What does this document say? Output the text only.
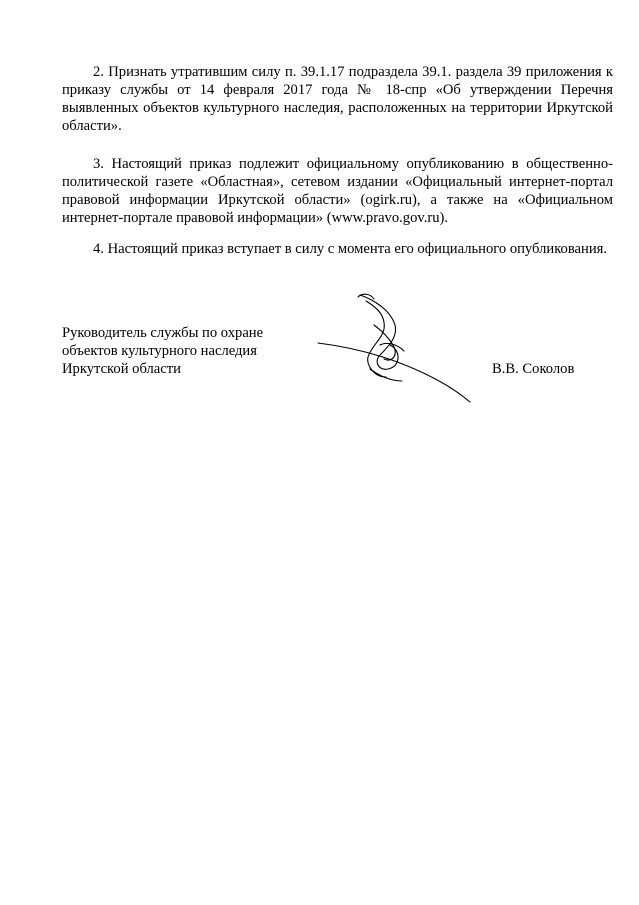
2. Признать утратившим силу п. 39.1.17 подраздела 39.1. раздела 39 приложения к приказу службы от 14 февраля 2017 года № 18-спр «Об утверждении Перечня выявленных объектов культурного наследия, расположенных на территории Иркутской области».

3. Настоящий приказ подлежит официальному опубликованию в общественно-политической газете «Областная», сетевом издании «Официальный интернет-портал правовой информации Иркутской области» (ogirk.ru), а также на «Официальном интернет-портале правовой информации» (www.pravo.gov.ru).

4. Настоящий приказ вступает в силу с момента его официального опубликования.

Руководитель службы по охране
объектов культурного наследия
Иркутской области	В.В. Соколов
